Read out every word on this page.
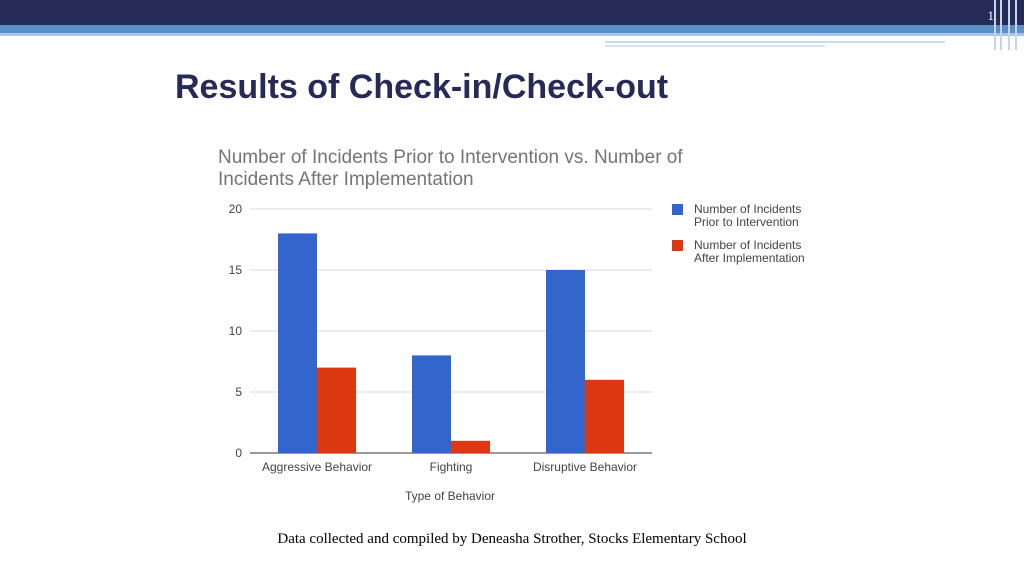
1
Results of Check-in/Check-out
Number of Incidents Prior to Intervention vs. Number of
Incidents After Implementation
0
5
10
15
20
Aggressive Behavior	Fighting	Disruptive Behavior
Number of Incidents
Prior to Intervention
Number of Incidents
After Implementation
Type of Behavior
Data collected and compiled by Deneasha Strother, Stocks Elementary School
